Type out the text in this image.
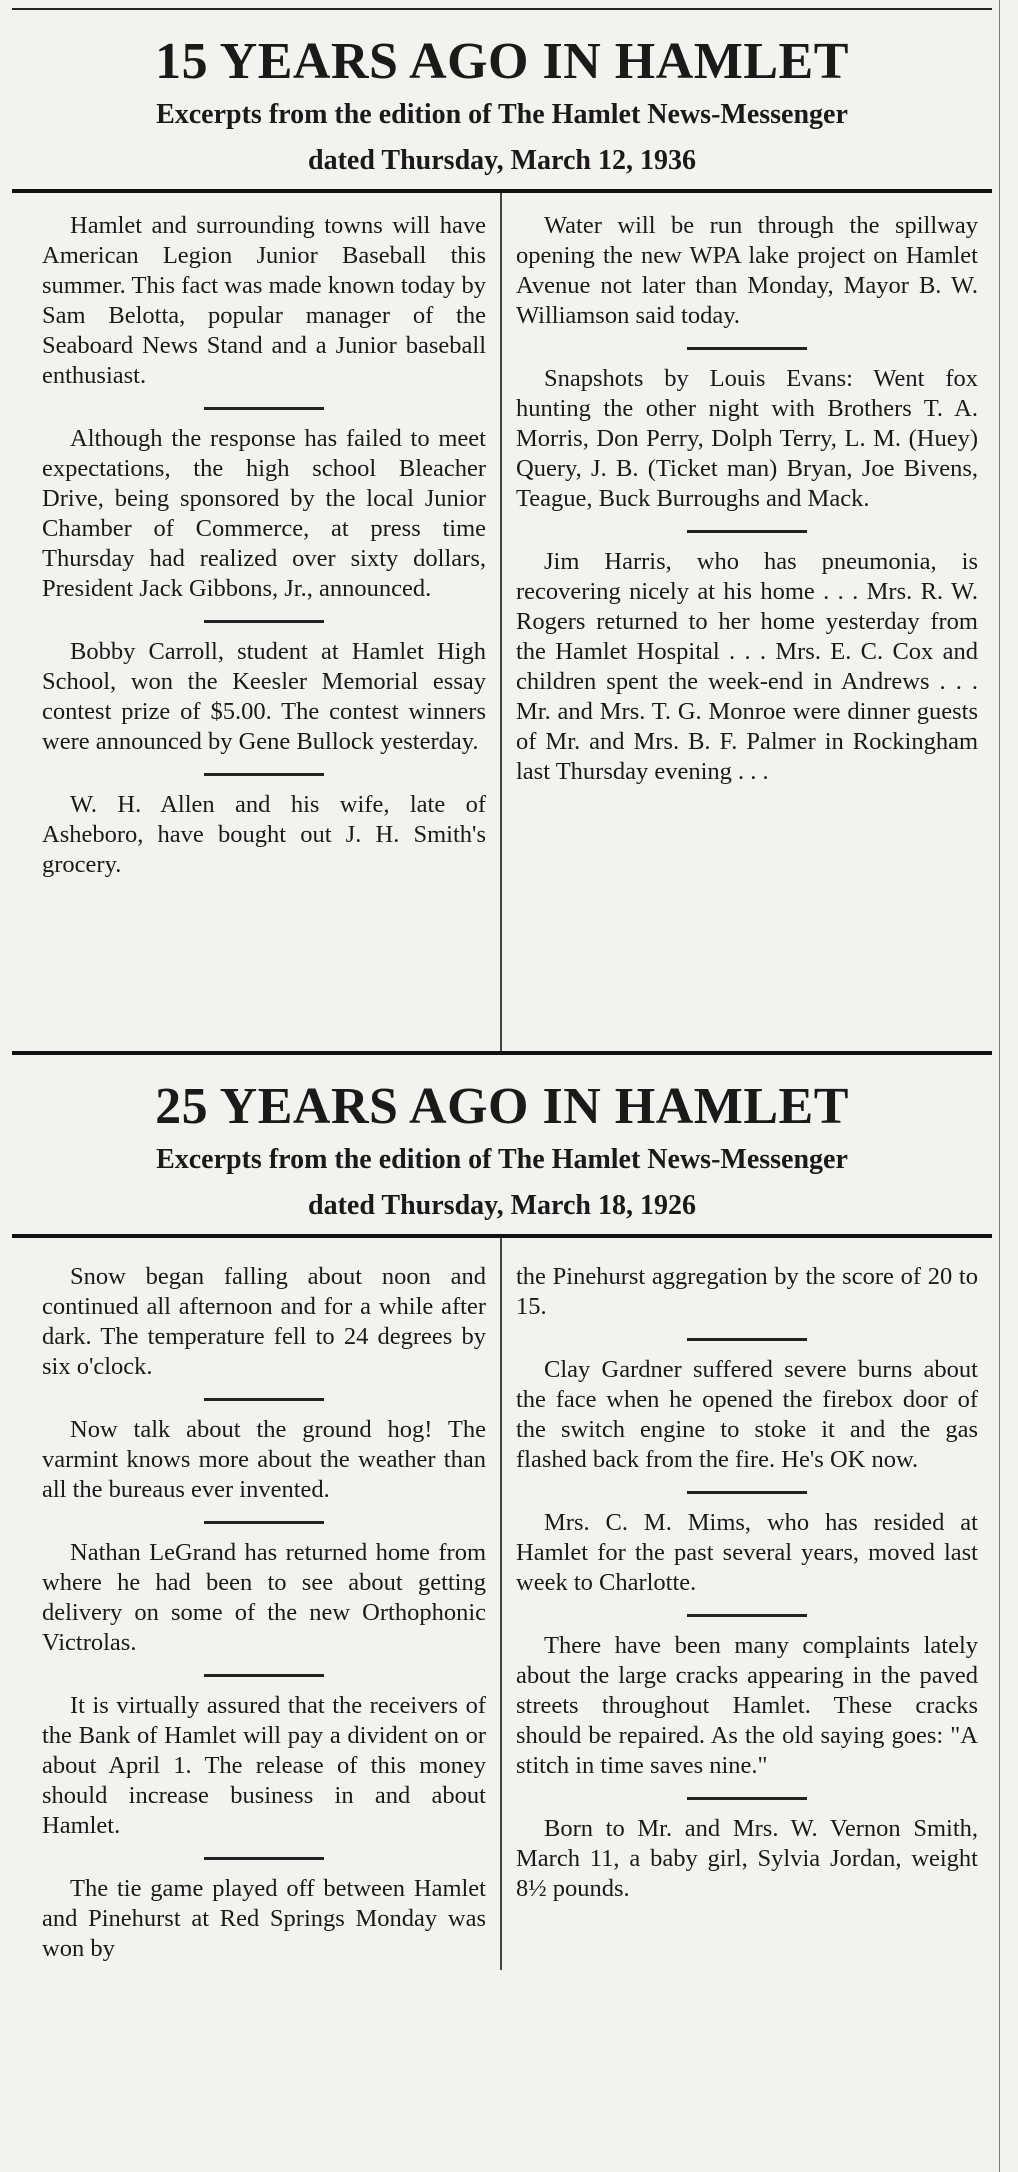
15 YEARS AGO IN HAMLET
Excerpts from the edition of The Hamlet News-Messenger
dated Thursday, March 12, 1936

Hamlet and surrounding towns will have American Legion Junior Baseball this summer. This fact was made known today by Sam Belotta, popular manager of the Seaboard News Stand and a Junior baseball enthusiast.

Although the response has failed to meet expectations, the high school Bleacher Drive, being sponsored by the local Junior Chamber of Commerce, at press time Thursday had realized over sixty dollars, President Jack Gibbons, Jr., announced.

Bobby Carroll, student at Hamlet High School, won the Keesler Memorial essay contest prize of $5.00. The contest winners were announced by Gene Bullock yesterday.

W. H. Allen and his wife, late of Asheboro, have bought out J. H. Smith's grocery.

Water will be run through the spillway opening the new WPA lake project on Hamlet Avenue not later than Monday, Mayor B. W. Williamson said today.

Snapshots by Louis Evans: Went fox hunting the other night with Brothers T. A. Morris, Don Perry, Dolph Terry, L. M. (Huey) Query, J. B. (Ticket man) Bryan, Joe Bivens, Teague, Buck Burroughs and Mack.

Jim Harris, who has pneumonia, is recovering nicely at his home . . . Mrs. R. W. Rogers returned to her home yesterday from the Hamlet Hospital . . . Mrs. E. C. Cox and children spent the week-end in Andrews . . . Mr. and Mrs. T. G. Monroe were dinner guests of Mr. and Mrs. B. F. Palmer in Rockingham last Thursday evening . . .

25 YEARS AGO IN HAMLET
Excerpts from the edition of The Hamlet News-Messenger
dated Thursday, March 18, 1926

Snow began falling about noon and continued all afternoon and for a while after dark. The temperature fell to 24 degrees by six o'clock.

Now talk about the ground hog! The varmint knows more about the weather than all the bureaus ever invented.

Nathan LeGrand has returned home from where he had been to see about getting delivery on some of the new Orthophonic Victrolas.

It is virtually assured that the receivers of the Bank of Hamlet will pay a divident on or about April 1. The release of this money should increase business in and about Hamlet.

The tie game played off between Hamlet and Pinehurst at Red Springs Monday was won by

the Pinehurst aggregation by the score of 20 to 15.

Clay Gardner suffered severe burns about the face when he opened the firebox door of the switch engine to stoke it and the gas flashed back from the fire. He's OK now.

Mrs. C. M. Mims, who has resided at Hamlet for the past several years, moved last week to Charlotte.

There have been many complaints lately about the large cracks appearing in the paved streets throughout Hamlet. These cracks should be repaired. As the old saying goes: "A stitch in time saves nine."

Born to Mr. and Mrs. W. Vernon Smith, March 11, a baby girl, Sylvia Jordan, weight 8½ pounds.
